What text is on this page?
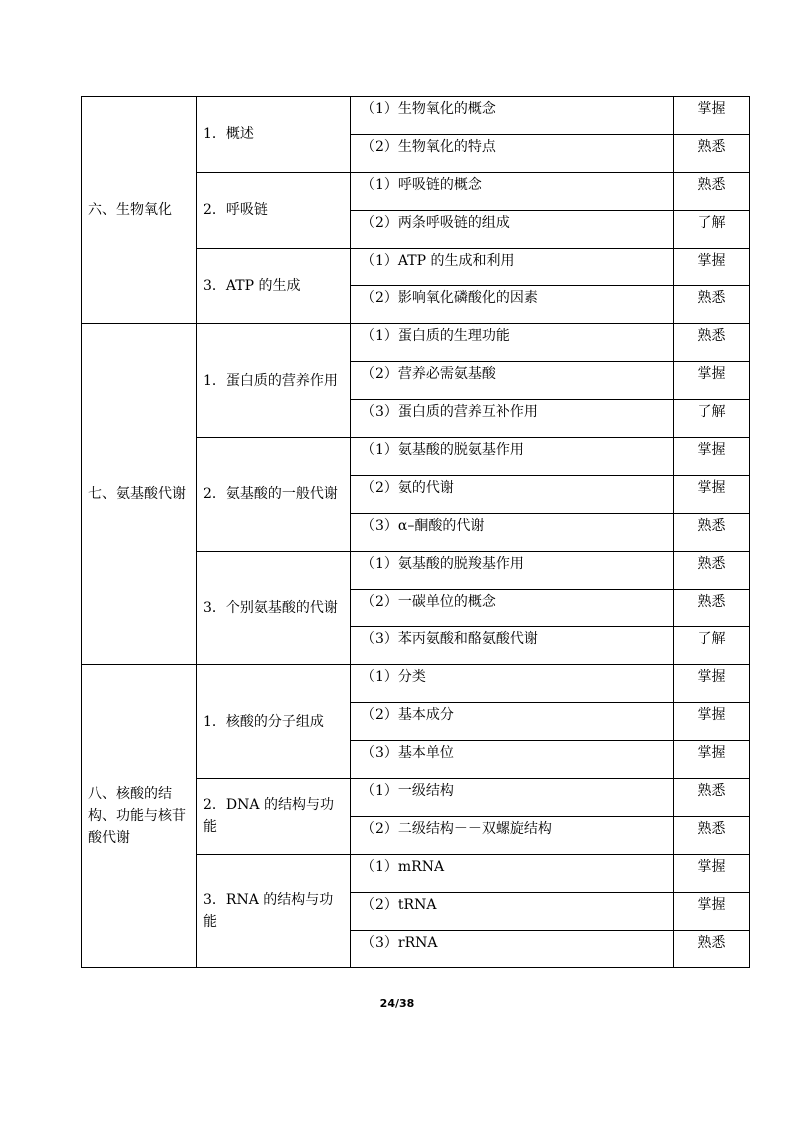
六、生物氧化	1．概述	（1）生物氧化的概念	掌握
		（2）生物氧化的特点	熟悉
	2．呼吸链	（1）呼吸链的概念	熟悉
		（2）两条呼吸链的组成	了解
	3．ATP 的生成	（1）ATP 的生成和利用	掌握
		（2）影响氧化磷酸化的因素	熟悉
七、氨基酸代谢	1．蛋白质的营养作用	（1）蛋白质的生理功能	熟悉
		（2）营养必需氨基酸	掌握
		（3）蛋白质的营养互补作用	了解
	2．氨基酸的一般代谢	（1）氨基酸的脱氨基作用	掌握
		（2）氨的代谢	掌握
		（3）α–酮酸的代谢	熟悉
	3．个别氨基酸的代谢	（1）氨基酸的脱羧基作用	熟悉
		（2）一碳单位的概念	熟悉
		（3）苯丙氨酸和酪氨酸代谢	了解
八、核酸的结构、功能与核苷酸代谢	1．核酸的分子组成	（1）分类	掌握
		（2）基本成分	掌握
		（3）基本单位	掌握
	2．DNA 的结构与功能	（1）一级结构	熟悉
		（2）二级结构－－双螺旋结构	熟悉
	3．RNA 的结构与功能	（1）mRNA	掌握
		（2）tRNA	掌握
		（3）rRNA	熟悉
24/38
